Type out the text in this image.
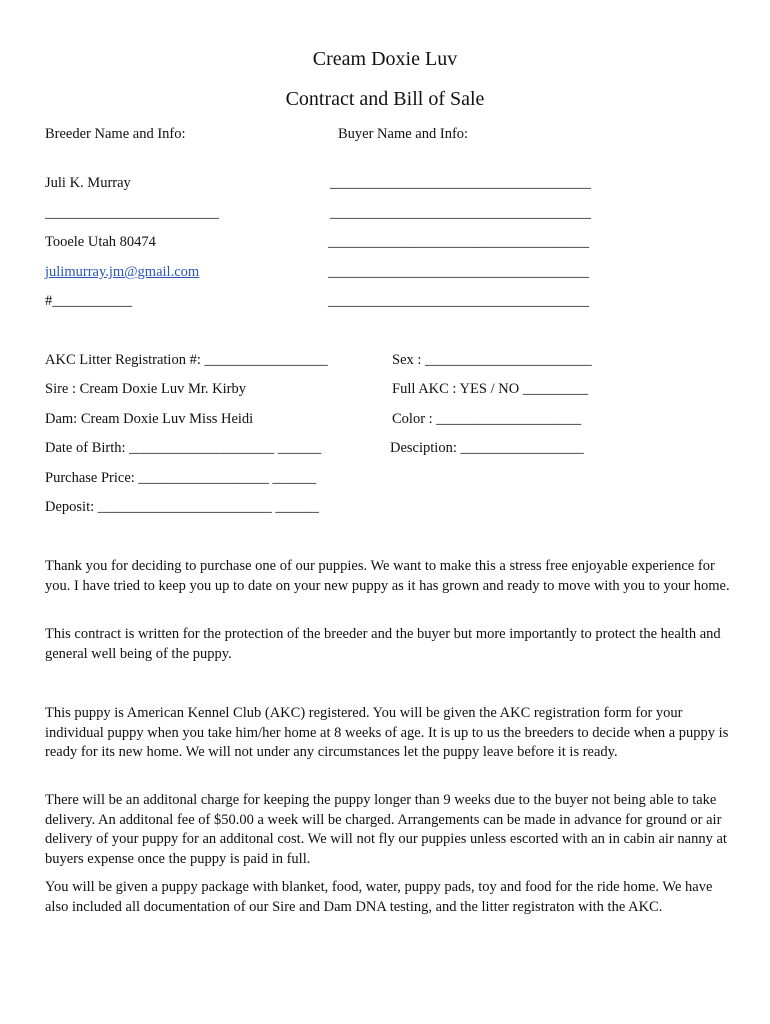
Cream Doxie Luv
Contract and Bill of Sale
Breeder Name and Info:
Juli K. Murray
________________________
Tooele Utah 80474
julimurray.jm@gmail.com
#___________
Buyer Name and Info:
____________________________________
____________________________________
____________________________________
____________________________________
____________________________________
AKC Litter Registration #: _________________
Sire : Cream Doxie Luv Mr. Kirby
Dam: Cream Doxie Luv Miss Heidi
Date of Birth: ____________________ ______
Purchase Price: __________________ ______
Deposit: ________________________ ______
Sex : _______________________
Full AKC : YES / NO _________
Color : ____________________
Desciption: _________________

Thank you for deciding to purchase one of our puppies. We want to make this a stress free enjoyable experience for you. I have tried to keep you up to date on your new puppy as it has grown and ready to move with you to your home.

This contract is written for the protection of the breeder and the buyer but more importantly to protect the health and general well being of the puppy.

This puppy is American Kennel Club (AKC) registered. You will be given the AKC registration form for your individual puppy when you take him/her home at 8 weeks of age. It is up to us the breeders to decide when a puppy is ready for its new home. We will not under any circumstances let the puppy leave before it is ready.

There will be an additonal charge for keeping the puppy longer than 9 weeks due to the buyer not being able to take delivery. An additonal fee of $50.00 a week will be charged. Arrangements can be made in advance for ground or air delivery of your puppy for an additonal cost. We will not fly our puppies unless escorted with an in cabin air nanny at buyers expense once the puppy is paid in full.

You will be given a puppy package with blanket, food, water, puppy pads, toy and food for the ride home. We have also included all documentation of our Sire and Dam DNA testing, and the litter registraton with the AKC.
